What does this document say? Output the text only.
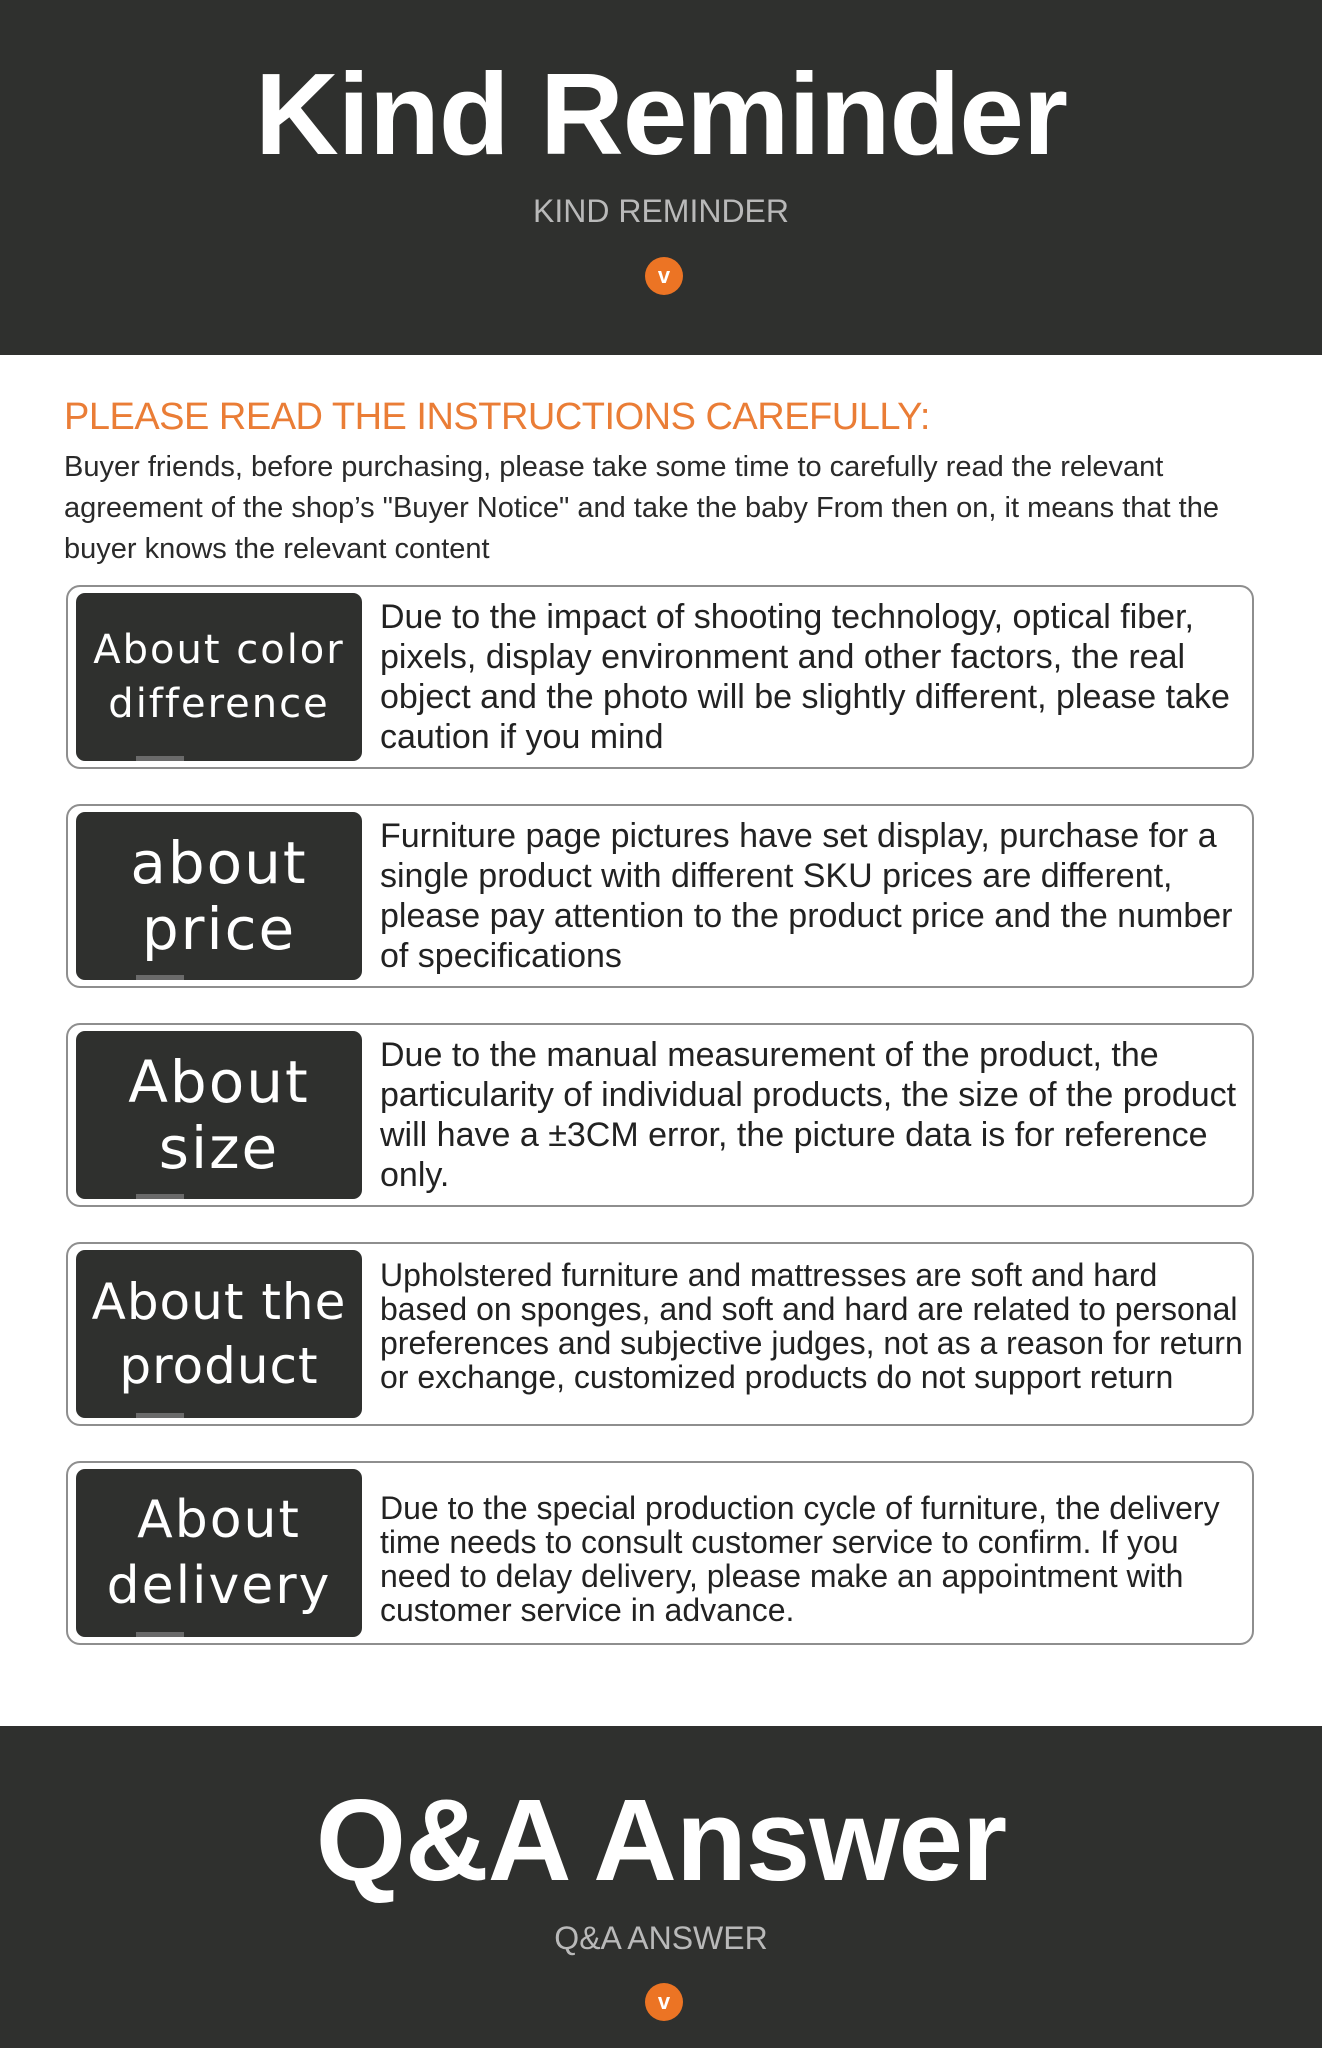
Kind Reminder
KIND REMINDER
v
PLEASE READ THE INSTRUCTIONS CAREFULLY:
Buyer friends, before purchasing, please take some time to carefully read the relevant agreement of the shop’s "Buyer Notice" and take the baby From then on, it means that the buyer knows the relevant content
About color difference
Due to the impact of shooting technology, optical fiber, pixels, display environment and other factors, the real object and the photo will be slightly different, please take caution if you mind
about price
Furniture page pictures have set display, purchase for a single product with different SKU prices are different, please pay attention to the product price and the number of specifications
About size
Due to the manual measurement of the product, the particularity of individual products, the size of the product will have a ±3CM error, the picture data is for reference only.
About the product
Upholstered furniture and mattresses are soft and hard based on sponges, and soft and hard are related to personal preferences and subjective judges, not as a reason for return or exchange, customized products do not support return
About delivery
Due to the special production cycle of furniture, the delivery time needs to consult customer service to confirm. If you need to delay delivery, please make an appointment with customer service in advance.
Q&A Answer
Q&A ANSWER
v
